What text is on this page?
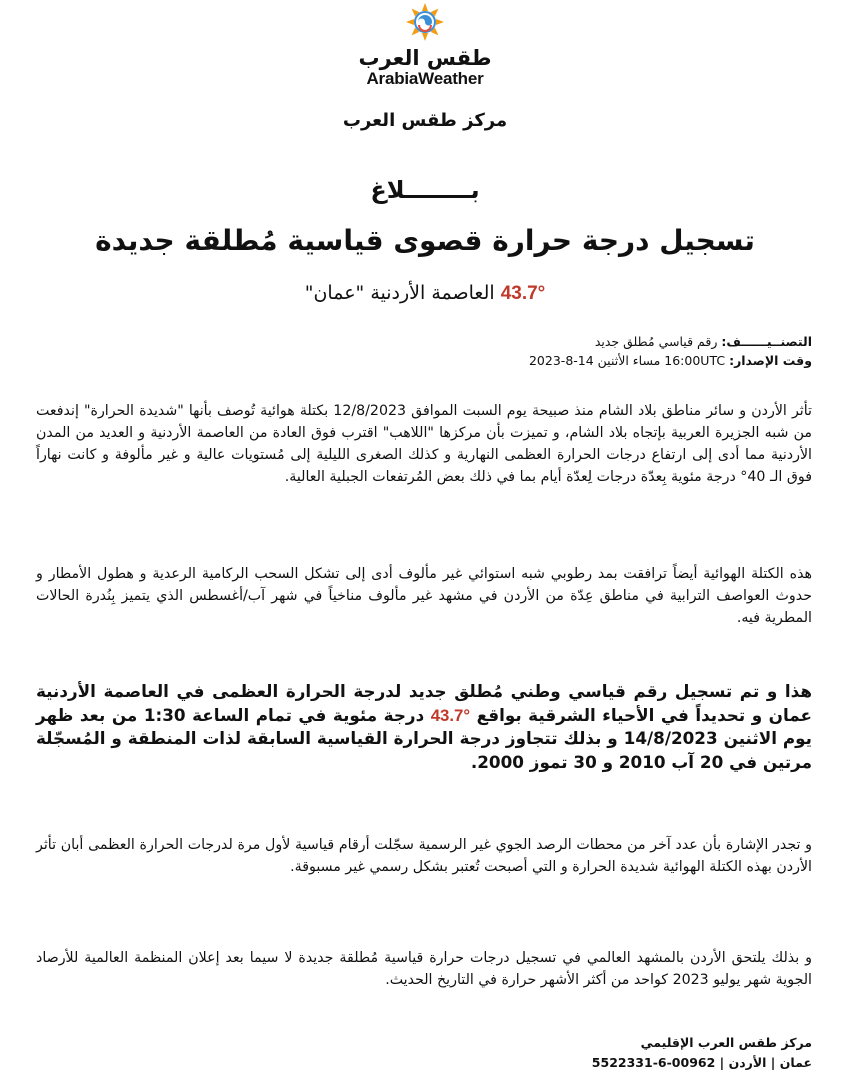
طقس العرب
ArabiaWeather
مركز طقس العرب
بــــــــلاغ
تسجيل درجة حرارة قصوى قياسية مُطلقة جديدة
43.7° العاصمة الأردنية "عمان"
التصنــيــــــف: رقم قياسي مُطلق جديد
وقت الإصدار: 16:00UTC مساء الأثنين 14-8-2023

تأثر الأردن و سائر مناطق بلاد الشام منذ صبيحة يوم السبت الموافق 12/8/2023 بكتلة هوائية تُوصف بأنها "شديدة الحرارة" إندفعت من شبه الجزيرة العربية بإتجاه بلاد الشام، و تميزت بأن مركزها "اللاهب" اقترب فوق العادة من العاصمة الأردنية و العديد من المدن الأردنية مما أدى إلى ارتفاع درجات الحرارة العظمى النهارية و كذلك الصغرى الليلية إلى مُستويات عالية و غير مألوفة و كانت نهاراً فوق الـ 40° درجة مئوية بِعدّة درجات لِعدّة أيام بما في ذلك بعض المُرتفعات الجبلية العالية.

هذه الكتلة الهوائية أيضاً ترافقت بمد رطوبي شبه استوائي غير مألوف أدى إلى تشكل السحب الركامية الرعدية و هطول الأمطار و حدوث العواصف الترابية في مناطق عِدّة من الأردن في مشهد غير مألوف مناخياً في شهر آب/أغسطس الذي يتميز بِنُدرة الحالات المطرية فيه.

هذا و تم تسجيل رقم قياسي وطني مُطلق جديد لدرجة الحرارة العظمى في العاصمة الأردنية عمان و تحديداً في الأحياء الشرقية بواقع 43.7° درجة مئوية في تمام الساعة 1:30 من بعد ظهر يوم الاثنين 14/8/2023 و بذلك تتجاوز درجة الحرارة القياسية السابقة لذات المنطقة و المُسجّلة مرتين في 20 آب 2010 و 30 تموز 2000.

و تجدر الإشارة بأن عدد آخر من محطات الرصد الجوي غير الرسمية سجّلت أرقام قياسية لأول مرة لدرجات الحرارة العظمى أبان تأثر الأردن بهذه الكتلة الهوائية شديدة الحرارة و التي أصبحت تُعتبر بشكل رسمي غير مسبوقة.

و بذلك يلتحق الأردن بالمشهد العالمي في تسجيل درجات حرارة قياسية مُطلقة جديدة لا سيما بعد إعلان المنظمة العالمية للأرصاد الجوية شهر يوليو 2023 كواحد من أكثر الأشهر حرارة في التاريخ الحديث.

مركز طقس العرب الإقليمي
عمان | الأردن | 00962-6-5522331
